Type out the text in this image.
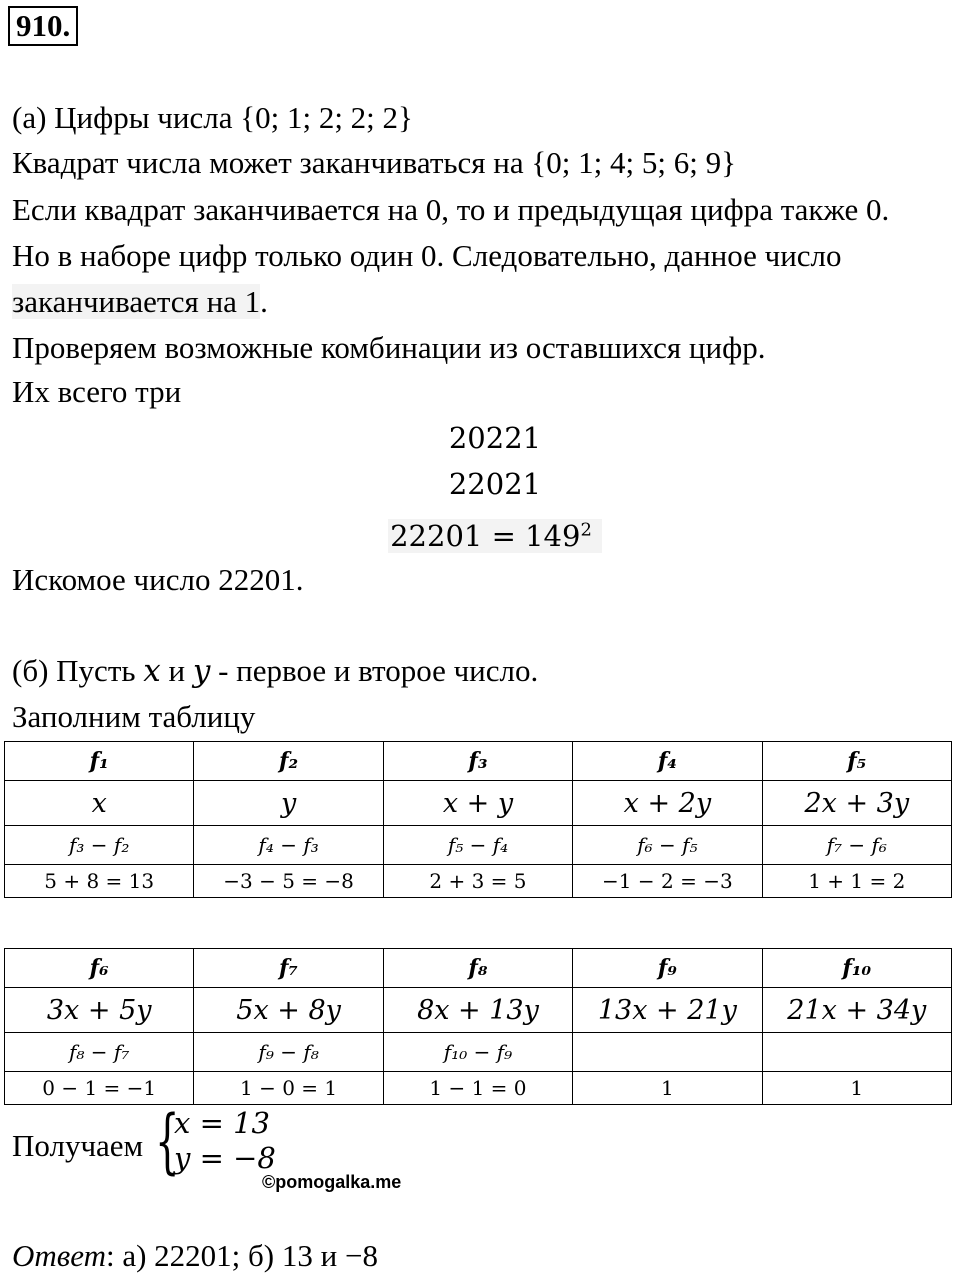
910.
(а) Цифры числа {0; 1; 2; 2; 2}
Квадрат числа может заканчиваться на {0; 1; 4; 5; 6; 9}
Если квадрат заканчивается на 0, то и предыдущая цифра также 0.
Но в наборе цифр только один 0. Следовательно, данное число
заканчивается на 1.
Проверяем возможные комбинации из оставшихся цифр.
Их всего три
20221
22021
$22201 = 149^2$
Искомое число 22201.
(б) Пусть x и y - первое и второе число.
Заполним таблицу
f₁	f₂	f₃	f₄	f₅
x	y	x + y	x + 2y	2x + 3y
f₃ − f₂	f₄ − f₃	f₅ − f₄	f₆ − f₅	f₇ − f₆
5 + 8 = 13	−3 − 5 = −8	2 + 3 = 5	−1 − 2 = −3	1 + 1 = 2
f₆	f₇	f₈	f₉	f₁₀
3x + 5y	5x + 8y	8x + 13y	13x + 21y	21x + 34y
f₈ − f₇	f₉ − f₈	f₁₀ − f₉		
0 − 1 = −1	1 − 0 = 1	1 − 1 = 0	1	1
Получаем {
x = 13
y = −8
©pomogalka.me
Ответ: а) 22201; б) 13 и −8
